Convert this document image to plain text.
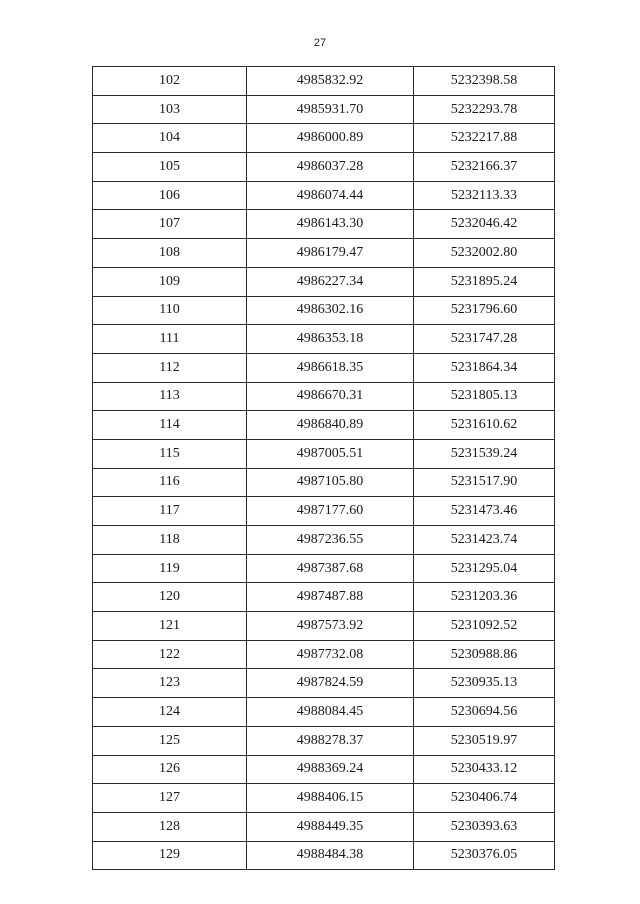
27
102	4985832.92	5232398.58
103	4985931.70	5232293.78
104	4986000.89	5232217.88
105	4986037.28	5232166.37
106	4986074.44	5232113.33
107	4986143.30	5232046.42
108	4986179.47	5232002.80
109	4986227.34	5231895.24
110	4986302.16	5231796.60
111	4986353.18	5231747.28
112	4986618.35	5231864.34
113	4986670.31	5231805.13
114	4986840.89	5231610.62
115	4987005.51	5231539.24
116	4987105.80	5231517.90
117	4987177.60	5231473.46
118	4987236.55	5231423.74
119	4987387.68	5231295.04
120	4987487.88	5231203.36
121	4987573.92	5231092.52
122	4987732.08	5230988.86
123	4987824.59	5230935.13
124	4988084.45	5230694.56
125	4988278.37	5230519.97
126	4988369.24	5230433.12
127	4988406.15	5230406.74
128	4988449.35	5230393.63
129	4988484.38	5230376.05
